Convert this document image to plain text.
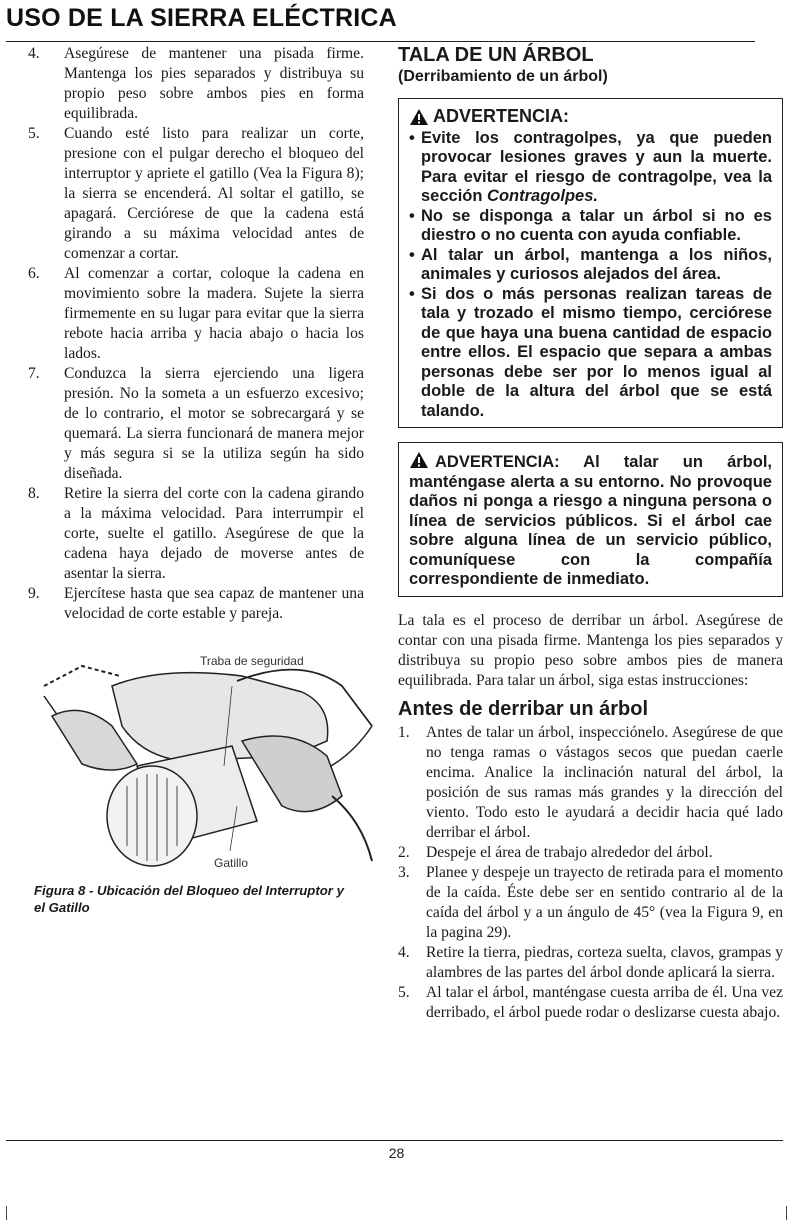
USO DE LA SIERRA ELÉCTRICA
4. Asegúrese de mantener una pisada firme. Mantenga los pies separados y distribuya su propio peso sobre ambos pies en forma equilibrada.
5. Cuando esté listo para realizar un corte, presione con el pulgar derecho el bloqueo del interruptor y apriete el gatillo (Vea la Figura 8); la sierra se encenderá. Al soltar el gatillo, se apagará. Cerciórese de que la cadena está girando a su máxima velocidad antes de comenzar a cortar.
6. Al comenzar a cortar, coloque la cadena en movimiento sobre la madera. Sujete la sierra firmemente en su lugar para evitar que la sierra rebote hacia arriba y hacia abajo o hacia los lados.
7. Conduzca la sierra ejerciendo una ligera presión. No la someta a un esfuerzo excesivo; de lo contrario, el motor se sobrecargará y se quemará. La sierra funcionará de manera mejor y más segura si se la utiliza según ha sido diseñada.
8. Retire la sierra del corte con la cadena girando a la máxima velocidad. Para interrumpir el corte, suelte el gatillo. Asegúrese de que la cadena haya dejado de moverse antes de asentar la sierra.
9. Ejercítese hasta que sea capaz de mantener una velocidad de corte estable y pareja.
Traba de seguridad
Gatillo
Figura 8 - Ubicación del Bloqueo del Interruptor y el Gatillo
TALA DE UN ÁRBOL
(Derribamiento de un árbol)
ADVERTENCIA:
• Evite los contragolpes, ya que pueden provocar lesiones graves y aun la muerte. Para evitar el riesgo de contragolpe, vea la sección Contragolpes.
• No se disponga a talar un árbol si no es diestro o no cuenta con ayuda confiable.
• Al talar un árbol, mantenga a los niños, animales y curiosos alejados del área.
• Si dos o más personas realizan tareas de tala y trozado el mismo tiempo, cerciórese de que haya una buena cantidad de espacio entre ellos. El espacio que separa a ambas personas debe ser por lo menos igual al doble de la altura del árbol que se está talando.
ADVERTENCIA: Al talar un árbol, manténgase alerta a su entorno. No provoque daños ni ponga a riesgo a ninguna persona o línea de servicios públicos. Si el árbol cae sobre alguna línea de un servicio público, comuníquese con la compañía correspondiente de inmediato.
La tala es el proceso de derribar un árbol. Asegúrese de contar con una pisada firme. Mantenga los pies separados y distribuya su propio peso sobre ambos pies de manera equilibrada. Para talar un árbol, siga estas instrucciones:
Antes de derribar un árbol
1. Antes de talar un árbol, inspecciónelo. Asegúrese de que no tenga ramas o vástagos secos que puedan caerle encima. Analice la inclinación natural del árbol, la posición de sus ramas más grandes y la dirección del viento. Todo esto le ayudará a decidir hacia qué lado derribar el árbol.
2. Despeje el área de trabajo alrededor del árbol.
3. Planee y despeje un trayecto de retirada para el momento de la caída. Éste debe ser en sentido contrario al de la caída del árbol y a un ángulo de 45° (vea la Figura 9, en la pagina 29).
4. Retire la tierra, piedras, corteza suelta, clavos, grampas y alambres de las partes del árbol donde aplicará la sierra.
5. Al talar el árbol, manténgase cuesta arriba de él. Una vez derribado, el árbol puede rodar o deslizarse cuesta abajo.
28
